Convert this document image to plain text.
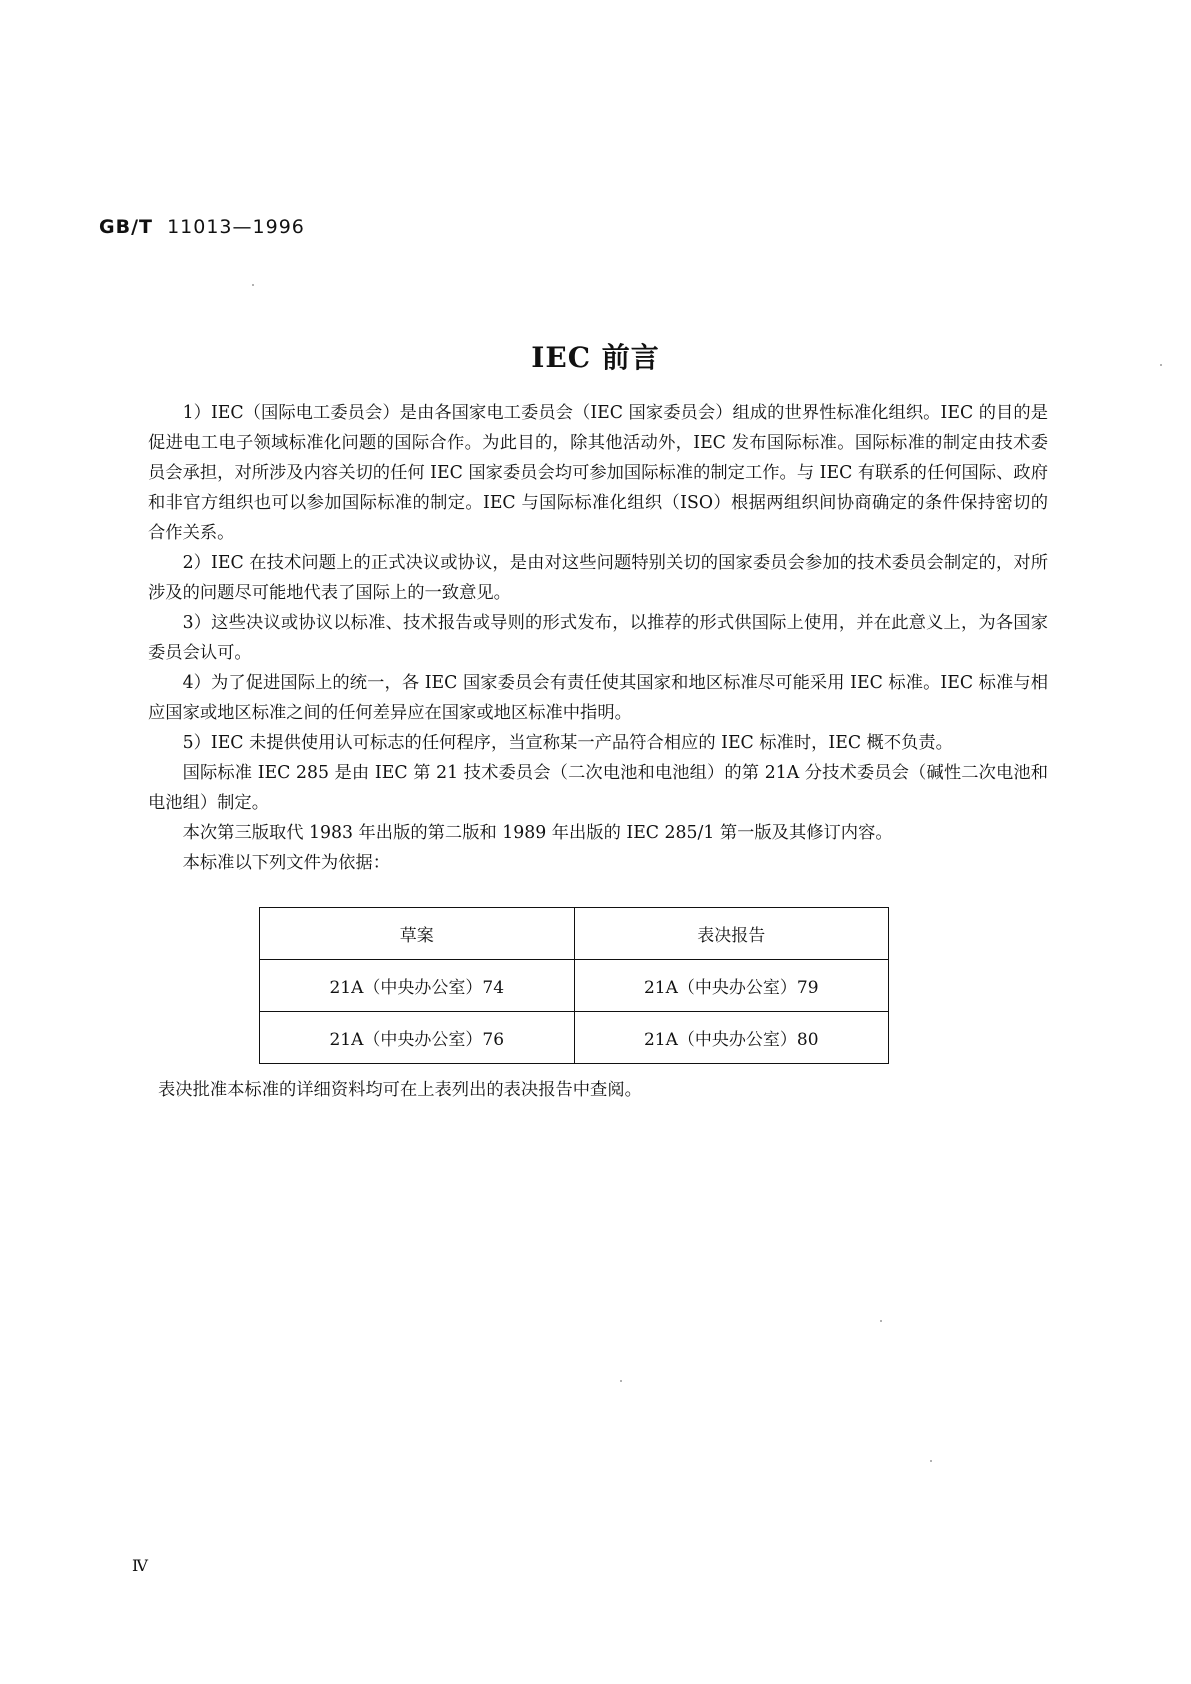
GB/T 11013—1996

IEC 前言

1）IEC（国际电工委员会）是由各国家电工委员会（IEC 国家委员会）组成的世界性标准化组织。IEC 的目的是促进电工电子领域标准化问题的国际合作。为此目的，除其他活动外，IEC 发布国际标准。国际标准的制定由技术委员会承担，对所涉及内容关切的任何 IEC 国家委员会均可参加国际标准的制定工作。与 IEC 有联系的任何国际、政府和非官方组织也可以参加国际标准的制定。IEC 与国际标准化组织（ISO）根据两组织间协商确定的条件保持密切的合作关系。

2）IEC 在技术问题上的正式决议或协议，是由对这些问题特别关切的国家委员会参加的技术委员会制定的，对所涉及的问题尽可能地代表了国际上的一致意见。

3）这些决议或协议以标准、技术报告或导则的形式发布，以推荐的形式供国际上使用，并在此意义上，为各国家委员会认可。

4）为了促进国际上的统一，各 IEC 国家委员会有责任使其国家和地区标准尽可能采用 IEC 标准。IEC 标准与相应国家或地区标准之间的任何差异应在国家或地区标准中指明。

5）IEC 未提供使用认可标志的任何程序，当宣称某一产品符合相应的 IEC 标准时，IEC 概不负责。

国际标准 IEC 285 是由 IEC 第 21 技术委员会（二次电池和电池组）的第 21A 分技术委员会（碱性二次电池和电池组）制定。

本次第三版取代 1983 年出版的第二版和 1989 年出版的 IEC 285/1 第一版及其修订内容。

本标准以下列文件为依据：

草案	表决报告
21A（中央办公室）74	21A（中央办公室）79
21A（中央办公室）76	21A（中央办公室）80

表决批准本标准的详细资料均可在上表列出的表决报告中查阅。

Ⅳ
